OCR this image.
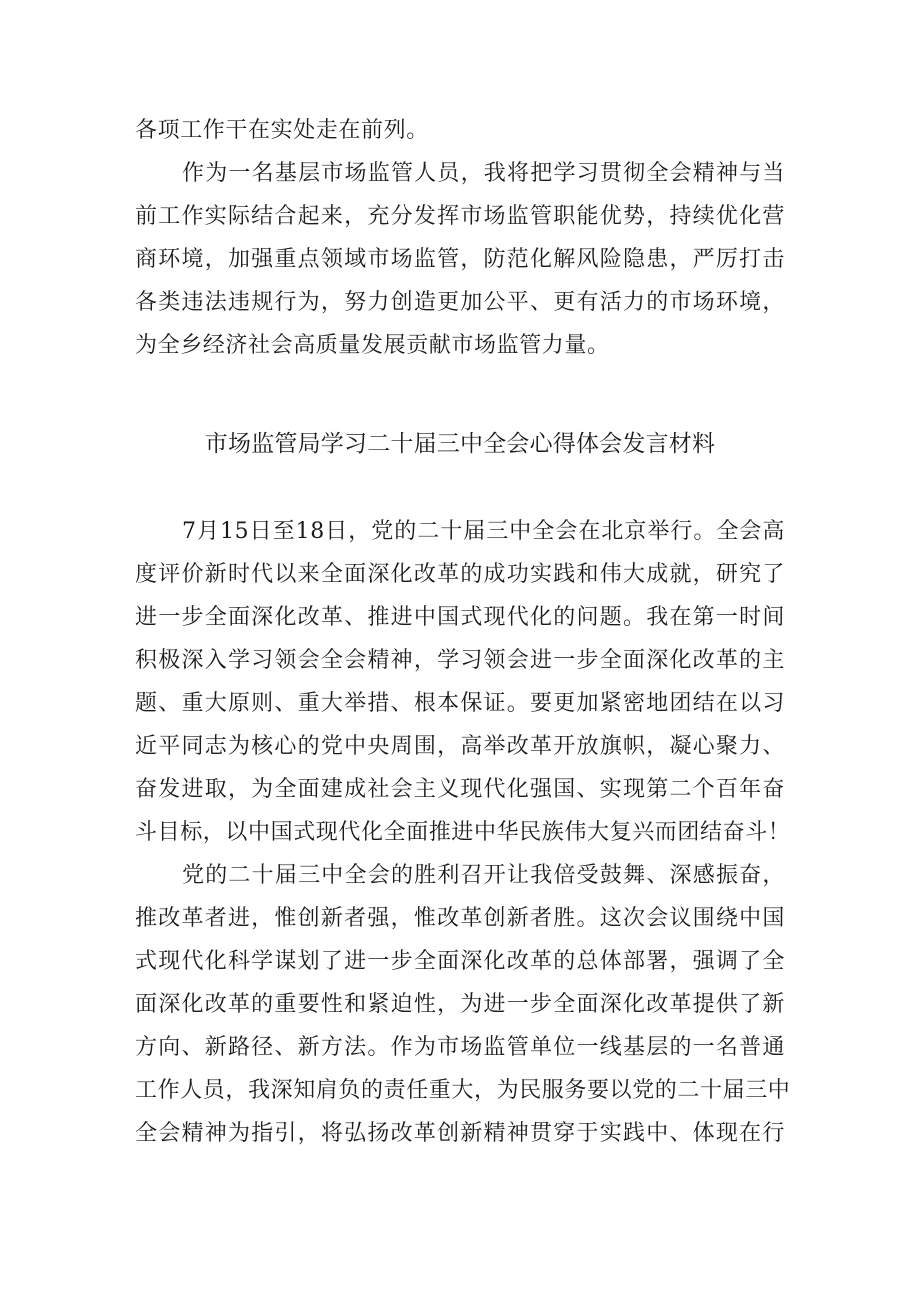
各项工作干在实处走在前列。
作为一名基层市场监管人员，我将把学习贯彻全会精神与当
前工作实际结合起来，充分发挥市场监管职能优势，持续优化营
商环境，加强重点领域市场监管，防范化解风险隐患，严厉打击
各类违法违规行为，努力创造更加公平、更有活力的市场环境，
为全乡经济社会高质量发展贡献市场监管力量。
市场监管局学习二十届三中全会心得体会发言材料
7月15日至18日，党的二十届三中全会在北京举行。全会高
度评价新时代以来全面深化改革的成功实践和伟大成就，研究了
进一步全面深化改革、推进中国式现代化的问题。我在第一时间
积极深入学习领会全会精神，学习领会进一步全面深化改革的主
题、重大原则、重大举措、根本保证。要更加紧密地团结在以习
近平同志为核心的党中央周围，高举改革开放旗帜，凝心聚力、
奋发进取，为全面建成社会主义现代化强国、实现第二个百年奋
斗目标，以中国式现代化全面推进中华民族伟大复兴而团结奋斗！
党的二十届三中全会的胜利召开让我倍受鼓舞、深感振奋，
推改革者进，惟创新者强，惟改革创新者胜。这次会议围绕中国
式现代化科学谋划了进一步全面深化改革的总体部署，强调了全
面深化改革的重要性和紧迫性，为进一步全面深化改革提供了新
方向、新路径、新方法。作为市场监管单位一线基层的一名普通
工作人员，我深知肩负的责任重大，为民服务要以党的二十届三中
全会精神为指引，将弘扬改革创新精神贯穿于实践中、体现在行
